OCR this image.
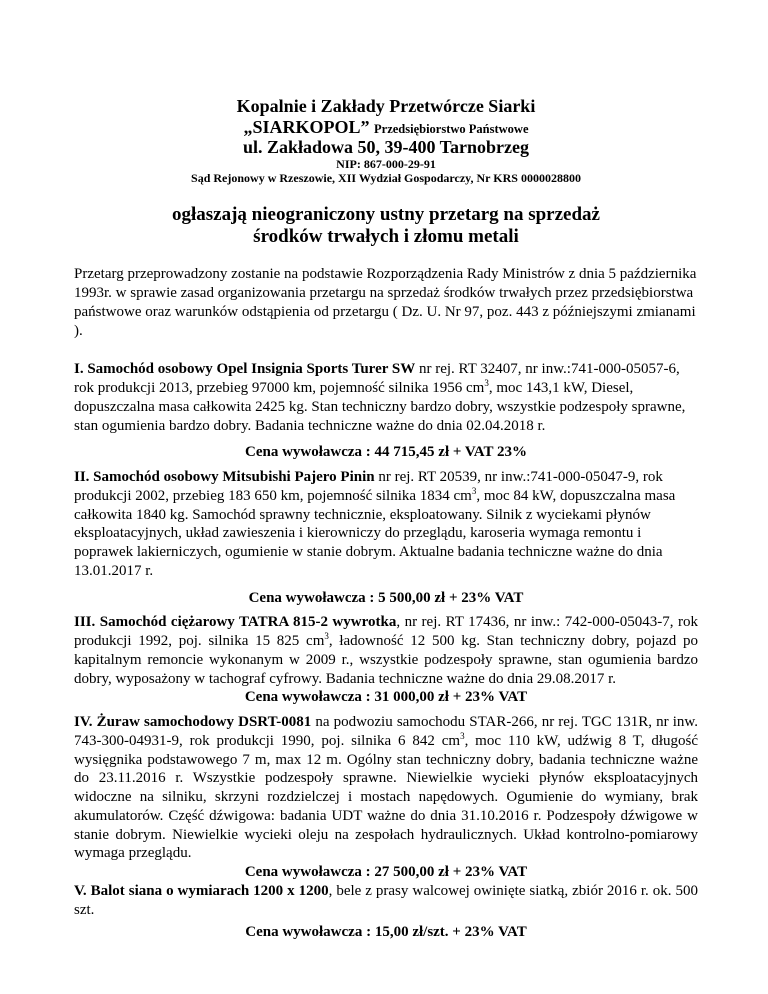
Kopalnie i Zakłady Przetwórcze Siarki
„SIARKOPOL” Przedsiębiorstwo Państwowe
ul. Zakładowa 50, 39-400 Tarnobrzeg
NIP: 867-000-29-91
Sąd Rejonowy w Rzeszowie, XII Wydział Gospodarczy, Nr KRS 0000028800
ogłaszają nieograniczony ustny przetarg na sprzedaż
środków trwałych i złomu metali
Przetarg przeprowadzony zostanie na podstawie Rozporządzenia Rady Ministrów z dnia 5 października 1993r. w sprawie zasad organizowania przetargu na sprzedaż środków trwałych przez przedsiębiorstwa państwowe oraz warunków odstąpienia od przetargu ( Dz. U. Nr 97, poz. 443 z późniejszymi zmianami ).
I. Samochód osobowy Opel Insignia Sports Turer SW nr rej. RT 32407, nr inw.:741-000-05057-6, rok produkcji 2013, przebieg 97000 km, pojemność silnika 1956 $cm^3$, moc 143,1 kW, Diesel, dopuszczalna masa całkowita 2425 kg. Stan techniczny bardzo dobry, wszystkie podzespoły sprawne, stan ogumienia bardzo dobry. Badania techniczne ważne do dnia 02.04.2018 r.
Cena wywoławcza : 44 715,45 zł + VAT 23%
II. Samochód osobowy Mitsubishi Pajero Pinin nr rej. RT 20539, nr inw.:741-000-05047-9, rok produkcji 2002, przebieg 183 650 km, pojemność silnika 1834 $cm^3$, moc 84 kW, dopuszczalna masa całkowita 1840 kg. Samochód sprawny technicznie, eksploatowany. Silnik z wyciekami płynów eksploatacyjnych, układ zawieszenia i kierowniczy do przeglądu, karoseria wymaga remontu i poprawek lakierniczych, ogumienie w stanie dobrym. Aktualne badania techniczne ważne do dnia 13.01.2017 r.
Cena wywoławcza : 5 500,00 zł + 23% VAT
III. Samochód ciężarowy TATRA 815-2 wywrotka, nr rej. RT 17436, nr inw.: 742-000-05043-7, rok produkcji 1992, poj. silnika 15 825 $cm^3$, ładowność 12 500 kg. Stan techniczny dobry, pojazd po kapitalnym remoncie wykonanym w 2009 r., wszystkie podzespoły sprawne, stan ogumienia bardzo dobry, wyposażony w tachograf cyfrowy. Badania techniczne ważne do dnia 29.08.2017 r.
Cena wywoławcza : 31 000,00 zł + 23% VAT
IV. Żuraw samochodowy DSRT-0081 na podwoziu samochodu STAR-266, nr rej. TGC 131R, nr inw. 743-300-04931-9, rok produkcji 1990, poj. silnika 6 842 $cm^3$, moc 110 kW, udźwig 8 T, długość wysięgnika podstawowego 7 m, max 12 m. Ogólny stan techniczny dobry, badania techniczne ważne do 23.11.2016 r. Wszystkie podzespoły sprawne. Niewielkie wycieki płynów eksploatacyjnych widoczne na silniku, skrzyni rozdzielczej i mostach napędowych. Ogumienie do wymiany, brak akumulatorów. Część dźwigowa: badania UDT ważne do dnia 31.10.2016 r. Podzespoły dźwigowe w stanie dobrym. Niewielkie wycieki oleju na zespołach hydraulicznych. Układ kontrolno-pomiarowy wymaga przeglądu.
Cena wywoławcza : 27 500,00 zł + 23% VAT
V. Balot siana o wymiarach 1200 x 1200, bele z prasy walcowej owinięte siatką, zbiór 2016 r. ok. 500 szt.
Cena wywoławcza : 15,00 zł/szt. + 23% VAT
